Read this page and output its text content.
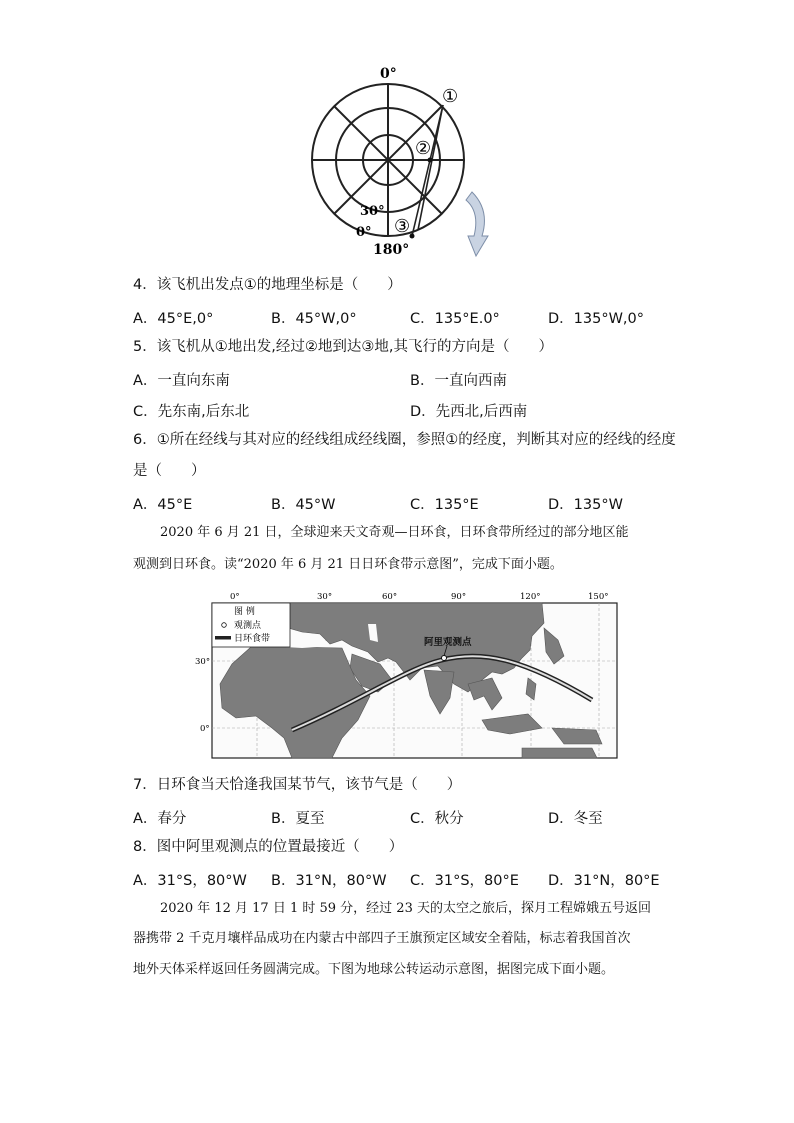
0°
180°
30°
0°
①
②
③
4．该飞机出发点①的地理坐标是（　　）
A．45°E,0°	B．45°W,0°	C．135°E.0°	D．135°W,0°
5．该飞机从①地出发,经过②地到达③地,其飞行的方向是（　　）
A．一直向东南	B．一直向西南
C．先东南,后东北	D．先西北,后西南
6．①所在经线与其对应的经线组成经线圈，参照①的经度，判断其对应的经线的经度
是（　　）
A．45°E	B．45°W	C．135°E	D．135°W
2020 年 6 月 21 日，全球迎来天文奇观—日环食，日环食带所经过的部分地区能
观测到日环食。读“2020 年 6 月 21 日日环食带示意图”，完成下面小题。
0°	30°	60°	90°	120°	150°
30°
0°
阿里观测点
图 例
观测点
日环食带
7．日环食当天恰逢我国某节气，该节气是（　　）
A．春分	B．夏至	C．秋分	D．冬至
8．图中阿里观测点的位置最接近（　　）
A．31°S，80°W B．31°N，80°W C．31°S，80°E D．31°N，80°E
2020 年 12 月 17 日 1 时 59 分，经过 23 天的太空之旅后，探月工程嫦娥五号返回
器携带 2 千克月壤样品成功在内蒙古中部四子王旗预定区域安全着陆，标志着我国首次
地外天体采样返回任务圆满完成。下图为地球公转运动示意图，据图完成下面小题。
